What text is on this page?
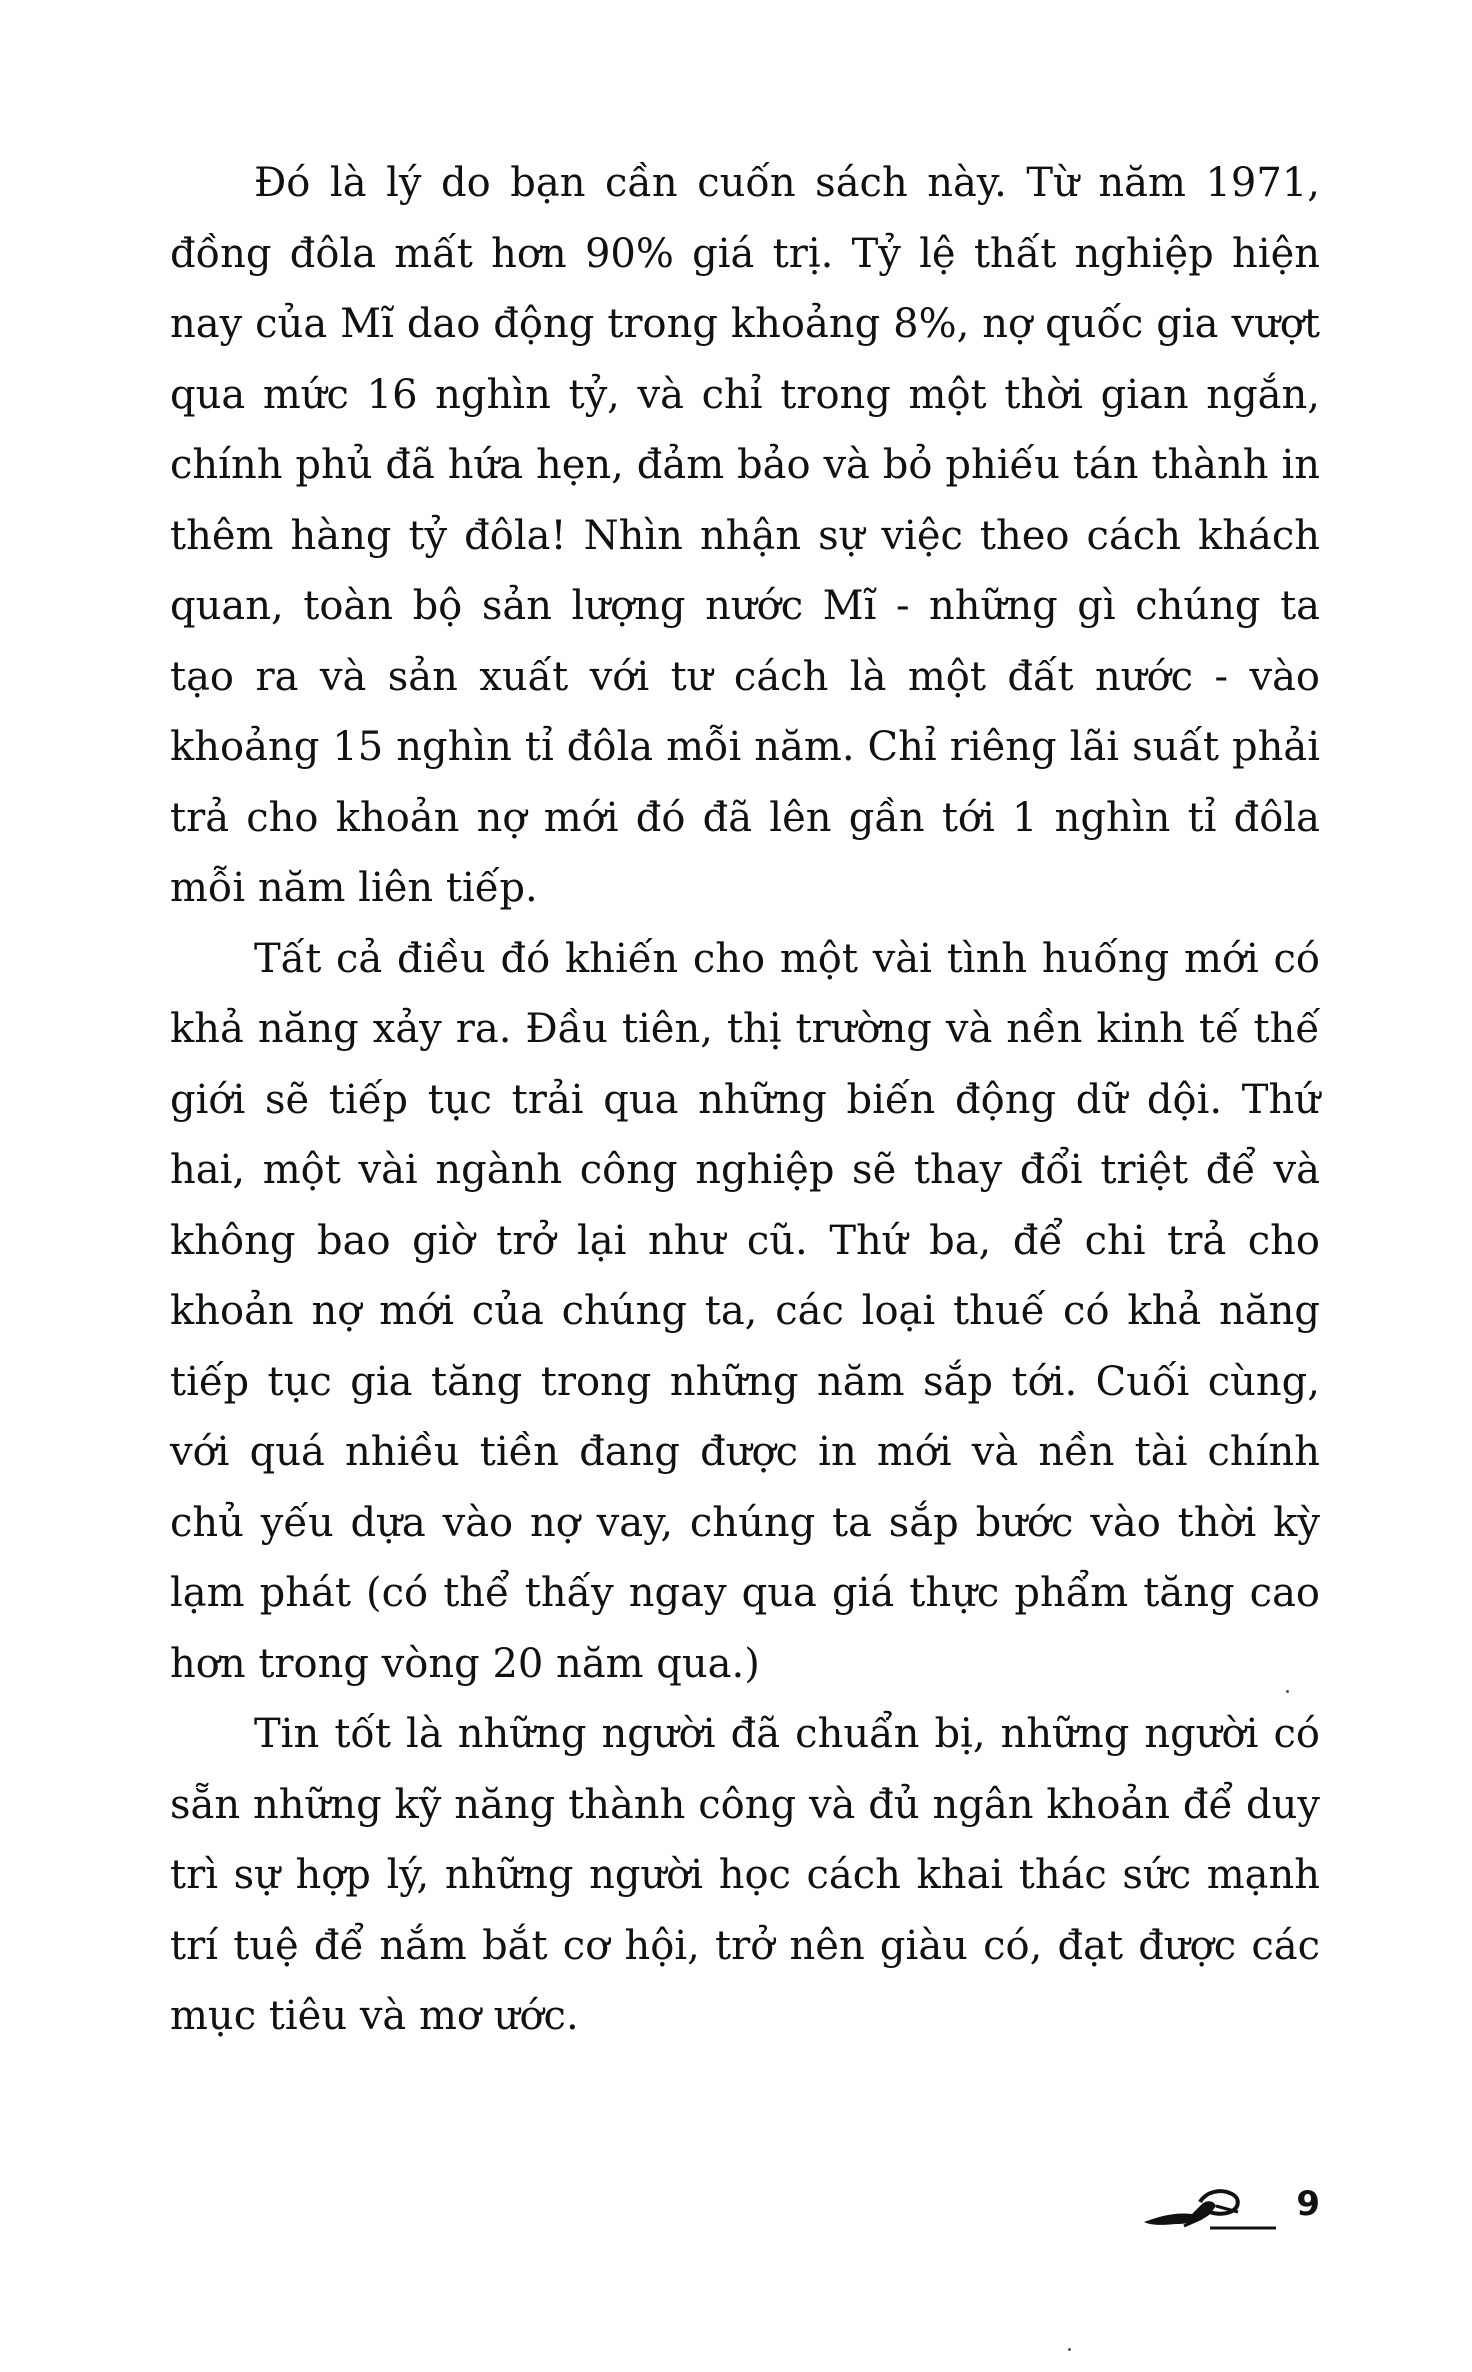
Đó là lý do bạn cần cuốn sách này. Từ năm 1971, đồng đôla mất hơn 90% giá trị. Tỷ lệ thất nghiệp hiện nay của Mĩ dao động trong khoảng 8%, nợ quốc gia vượt qua mức 16 nghìn tỷ, và chỉ trong một thời gian ngắn, chính phủ đã hứa hẹn, đảm bảo và bỏ phiếu tán thành in thêm hàng tỷ đôla! Nhìn nhận sự việc theo cách khách quan, toàn bộ sản lượng nước Mĩ - những gì chúng ta tạo ra và sản xuất với tư cách là một đất nước - vào khoảng 15 nghìn tỉ đôla mỗi năm. Chỉ riêng lãi suất phải trả cho khoản nợ mới đó đã lên gần tới 1 nghìn tỉ đôla mỗi năm liên tiếp.

Tất cả điều đó khiến cho một vài tình huống mới có khả năng xảy ra. Đầu tiên, thị trường và nền kinh tế thế giới sẽ tiếp tục trải qua những biến động dữ dội. Thứ hai, một vài ngành công nghiệp sẽ thay đổi triệt để và không bao giờ trở lại như cũ. Thứ ba, để chi trả cho khoản nợ mới của chúng ta, các loại thuế có khả năng tiếp tục gia tăng trong những năm sắp tới. Cuối cùng, với quá nhiều tiền đang được in mới và nền tài chính chủ yếu dựa vào nợ vay, chúng ta sắp bước vào thời kỳ lạm phát (có thể thấy ngay qua giá thực phẩm tăng cao hơn trong vòng 20 năm qua.)

Tin tốt là những người đã chuẩn bị, những người có sẵn những kỹ năng thành công và đủ ngân khoản để duy trì sự hợp lý, những người học cách khai thác sức mạnh trí tuệ để nắm bắt cơ hội, trở nên giàu có, đạt được các mục tiêu và mơ ước.

9
